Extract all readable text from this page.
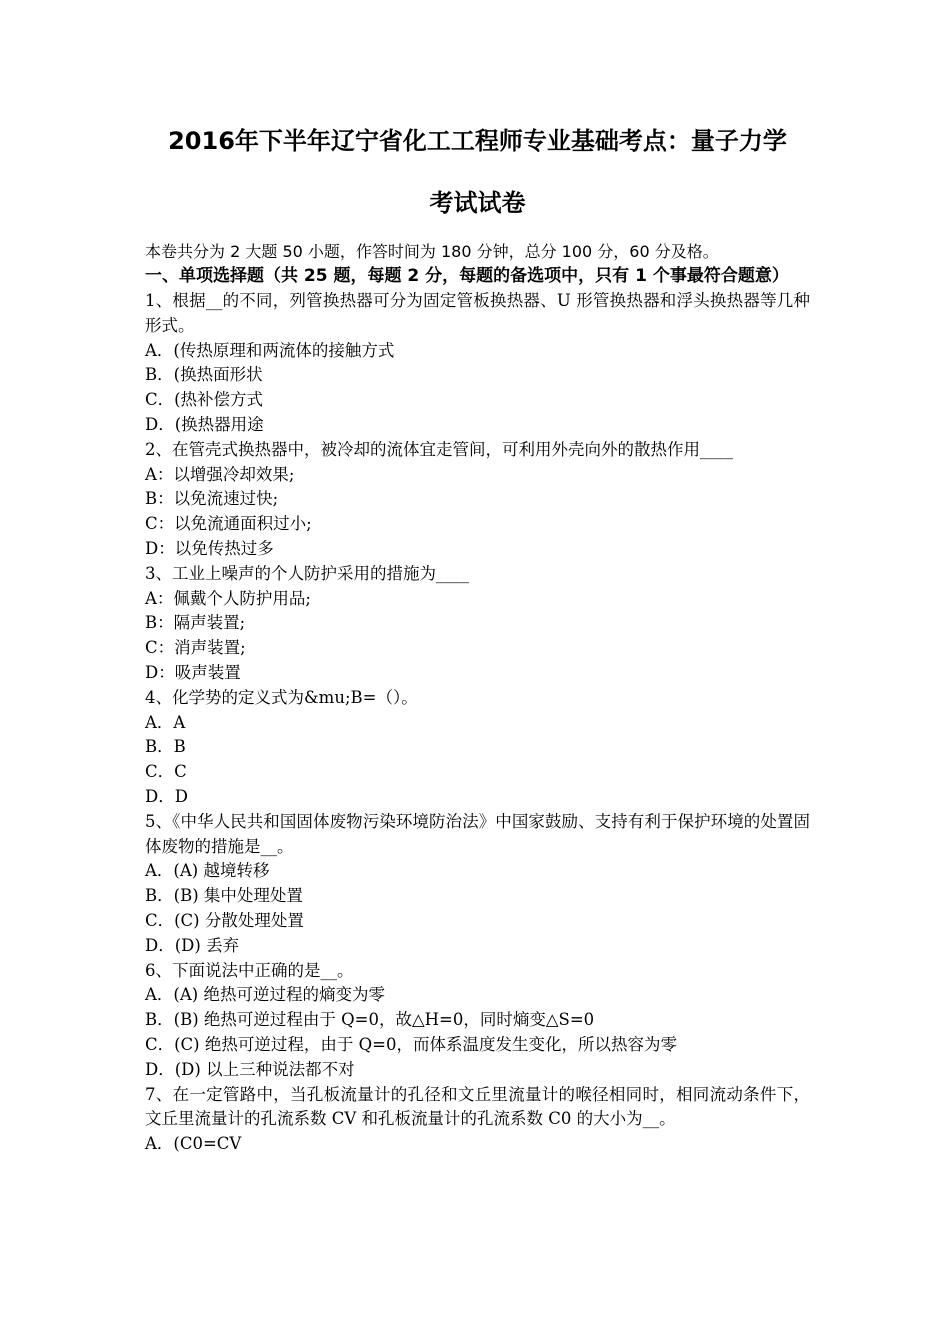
2016年下半年辽宁省化工工程师专业基础考点：量子力学
考试试卷
本卷共分为 2 大题 50 小题，作答时间为 180 分钟，总分 100 分，60 分及格。
一、单项选择题（共 25 题，每题 2 分，每题的备选项中，只有 1 个事最符合题意）
1、根据__的不同，列管换热器可分为固定管板换热器、U 形管换热器和浮头换热器等几种形式。
A．(传热原理和两流体的接触方式
B．(换热面形状
C．(热补偿方式
D．(换热器用途
2、在管壳式换热器中，被冷却的流体宜走管间，可利用外壳向外的散热作用____
A：以增强冷却效果;
B：以免流速过快;
C：以免流通面积过小;
D：以免传热过多
3、工业上噪声的个人防护采用的措施为____
A：佩戴个人防护用品;
B：隔声装置;
C：消声装置;
D：吸声装置
4、化学势的定义式为&mu;B=（）。
A．A
B．B
C．C
D．D
5、《中华人民共和国固体废物污染环境防治法》中国家鼓励、支持有利于保护环境的处置固体废物的措施是__。
A．(A) 越境转移
B．(B) 集中处理处置
C．(C) 分散处理处置
D．(D) 丢弃
6、下面说法中正确的是__。
A．(A) 绝热可逆过程的熵变为零
B．(B) 绝热可逆过程由于 Q=0，故△H=0，同时熵变△S=0
C．(C) 绝热可逆过程，由于 Q=0，而体系温度发生变化，所以热容为零
D．(D) 以上三种说法都不对
7、在一定管路中，当孔板流量计的孔径和文丘里流量计的喉径相同时，相同流动条件下，文丘里流量计的孔流系数 CV 和孔板流量计的孔流系数 C0 的大小为__。
A．(C0=CV
